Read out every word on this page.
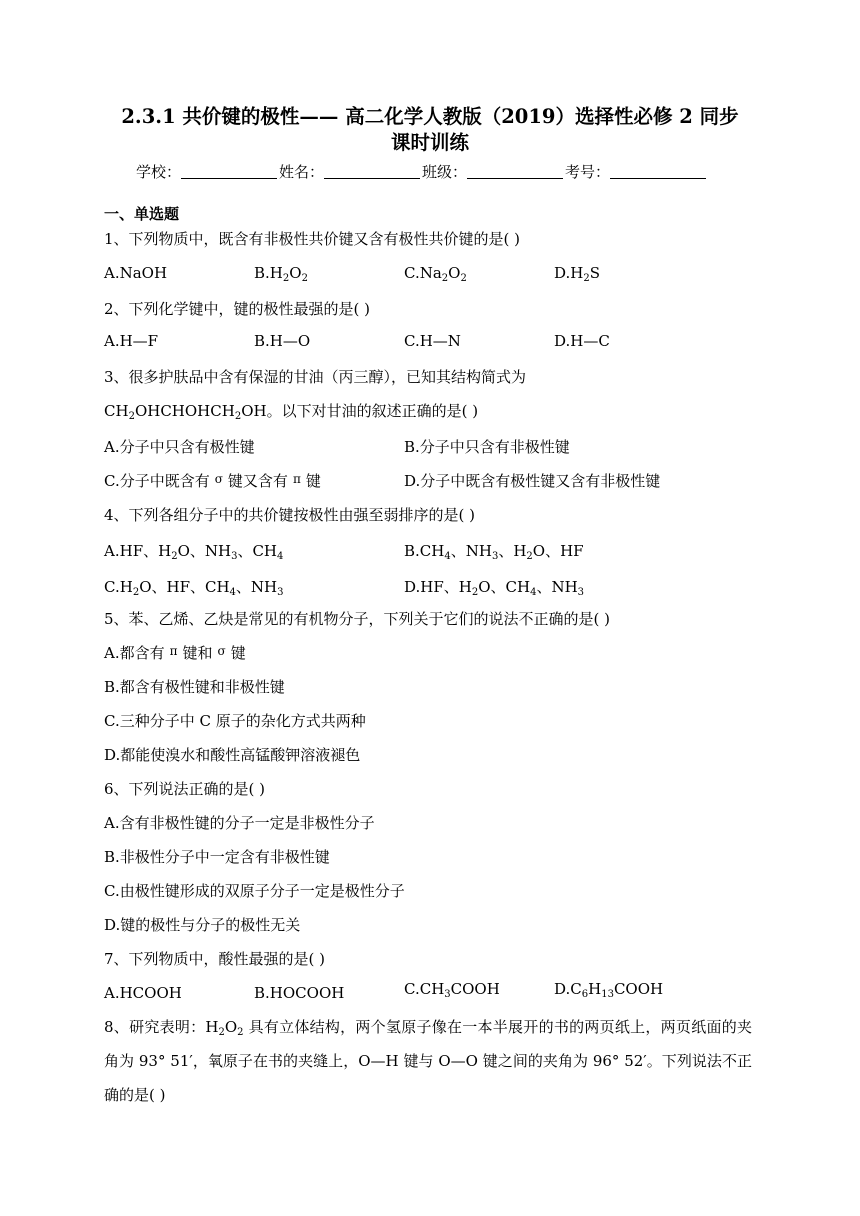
2.3.1 共价键的极性—— 高二化学人教版（2019）选择性必修 2 同步
课时训练
学校：	姓名：	班级：	考号：
一、单选题
1、下列物质中，既含有非极性共价键又含有极性共价键的是( )
A.NaOH	$B.H_2O_2$	$C.Na_2O_2$	$D.H_2S$
2、下列化学键中，键的极性最强的是( )
A.H—F	B.H—O	C.H—N	D.H—C
3、很多护肤品中含有保湿的甘油（丙三醇），已知其结构简式为
$CH_2OHCHOHCH_2OH$。以下对甘油的叙述正确的是( )
A.分子中只含有极性键	B.分子中只含有非极性键
C.分子中既含有 $^\sigma$ 键又含有 $^\pi$ 键	D.分子中既含有极性键又含有非极性键
4、下列各组分子中的共价键按极性由强至弱排序的是( )
A.HF、$H_2O$、$NH_3$、$CH_4$	$B.CH_4$、$NH_3$、$H_2O$、HF
$C.H_2O$、HF、$CH_4$、$NH_3$	D.HF、$H_2O$、$CH_4$、$NH_3$
5、苯、乙烯、乙炔是常见的有机物分子，下列关于它们的说法不正确的是( )
A.都含有 $^\pi$ 键和 $^\sigma$ 键
B.都含有极性键和非极性键
C.三种分子中 C 原子的杂化方式共两种
D.都能使溴水和酸性高锰酸钾溶液褪色
6、下列说法正确的是( )
A.含有非极性键的分子一定是非极性分子
B.非极性分子中一定含有非极性键
C.由极性键形成的双原子分子一定是极性分子
D.键的极性与分子的极性无关
7、下列物质中，酸性最强的是( )
A.HCOOH	B.HOCOOH	$C.CH_3COOH$	$D.C_6H_{13}COOH$
8、研究表明：$H_2O_2$ 具有立体结构，两个氢原子像在一本半展开的书的两页纸上，两页纸面的夹角为 93° 51′，氧原子在书的夹缝上，O—H 键与 O—O 键之间的夹角为 96° 52′。下列说法不正确的是( )
